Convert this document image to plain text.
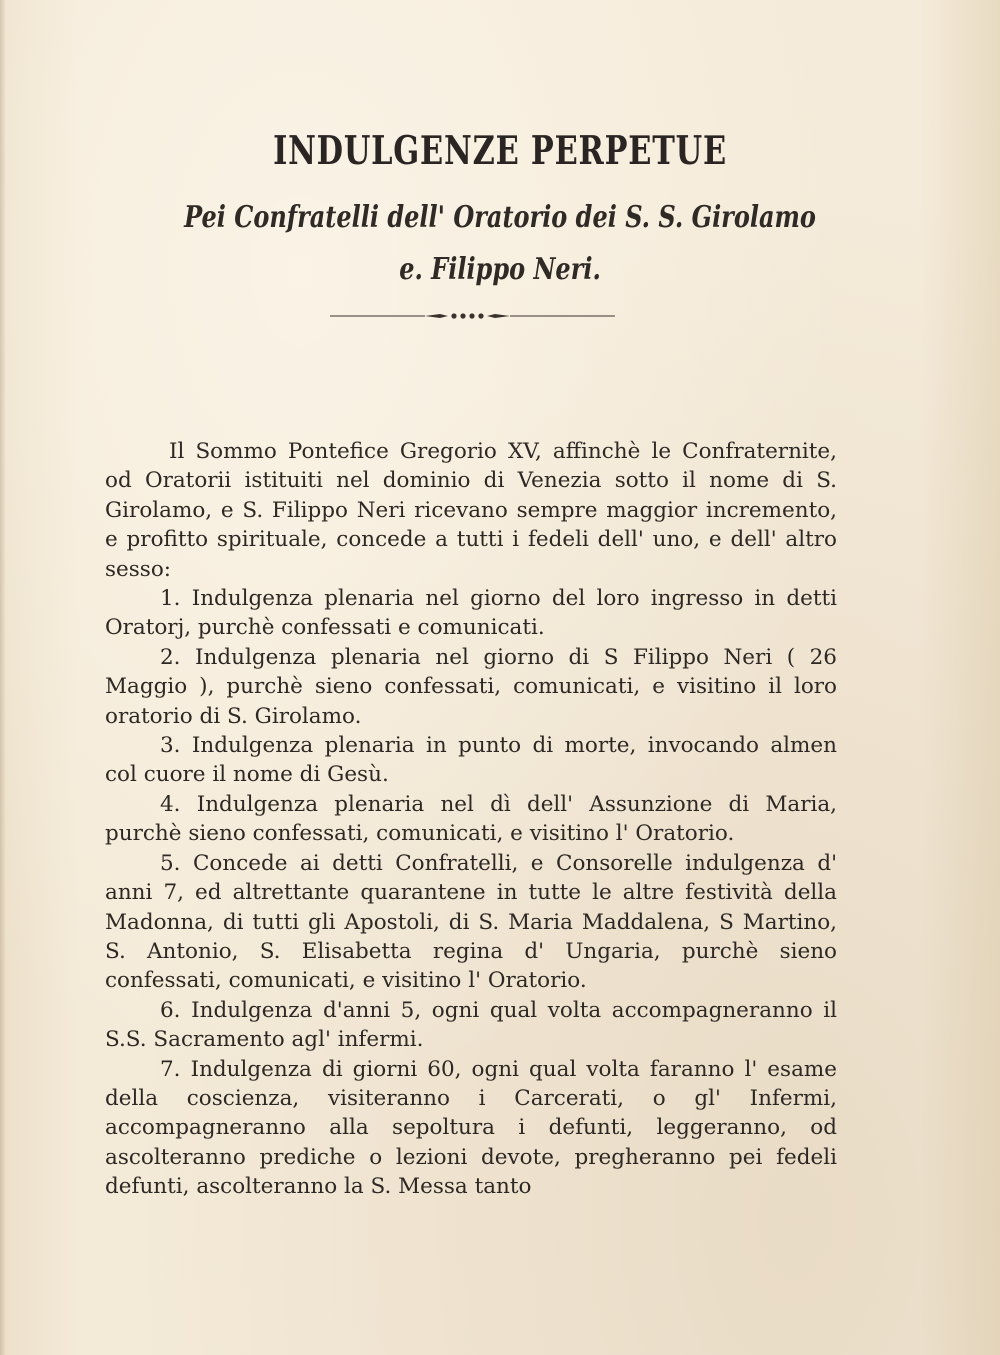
INDULGENZE PERPETUE
Pei Confratelli dell' Oratorio dei S. S. Girolamo
e. Filippo Neri.

Il Sommo Pontefice Gregorio XV, affinchè le Confraternite, od Oratorii istituiti nel dominio di Venezia sotto il nome di S. Girolamo, e S. Filippo Neri ricevano sempre maggior incremento, e profitto spirituale, concede a tutti i fedeli dell' uno, e dell' altro sesso:

1. Indulgenza plenaria nel giorno del loro ingresso in detti Oratorj, purchè confessati e comunicati.

2. Indulgenza plenaria nel giorno di S Filippo Neri ( 26 Maggio ), purchè sieno confessati, comunicati, e visitino il loro oratorio di S. Girolamo.

3. Indulgenza plenaria in punto di morte, invocando almen col cuore il nome di Gesù.

4. Indulgenza plenaria nel dì dell' Assunzione di Maria, purchè sieno confessati, comunicati, e visitino l' Oratorio.

5. Concede ai detti Confratelli, e Consorelle indulgenza d' anni 7, ed altrettante quarantene in tutte le altre festività della Madonna, di tutti gli Apostoli, di S. Maria Maddalena, S Martino, S. Antonio, S. Elisabetta regina d' Ungaria, purchè sieno confessati, comunicati, e visitino l' Oratorio.

6. Indulgenza d'anni 5, ogni qual volta accompagneranno il S.S. Sacramento agl' infermi.

7. Indulgenza di giorni 60, ogni qual volta faranno l' esame della coscienza, visiteranno i Carcerati, o gl' Infermi, accompagneranno alla sepoltura i defunti, leggeranno, od ascolteranno prediche o lezioni devote, pregheranno pei fedeli defunti, ascolteranno la S. Messa tanto
